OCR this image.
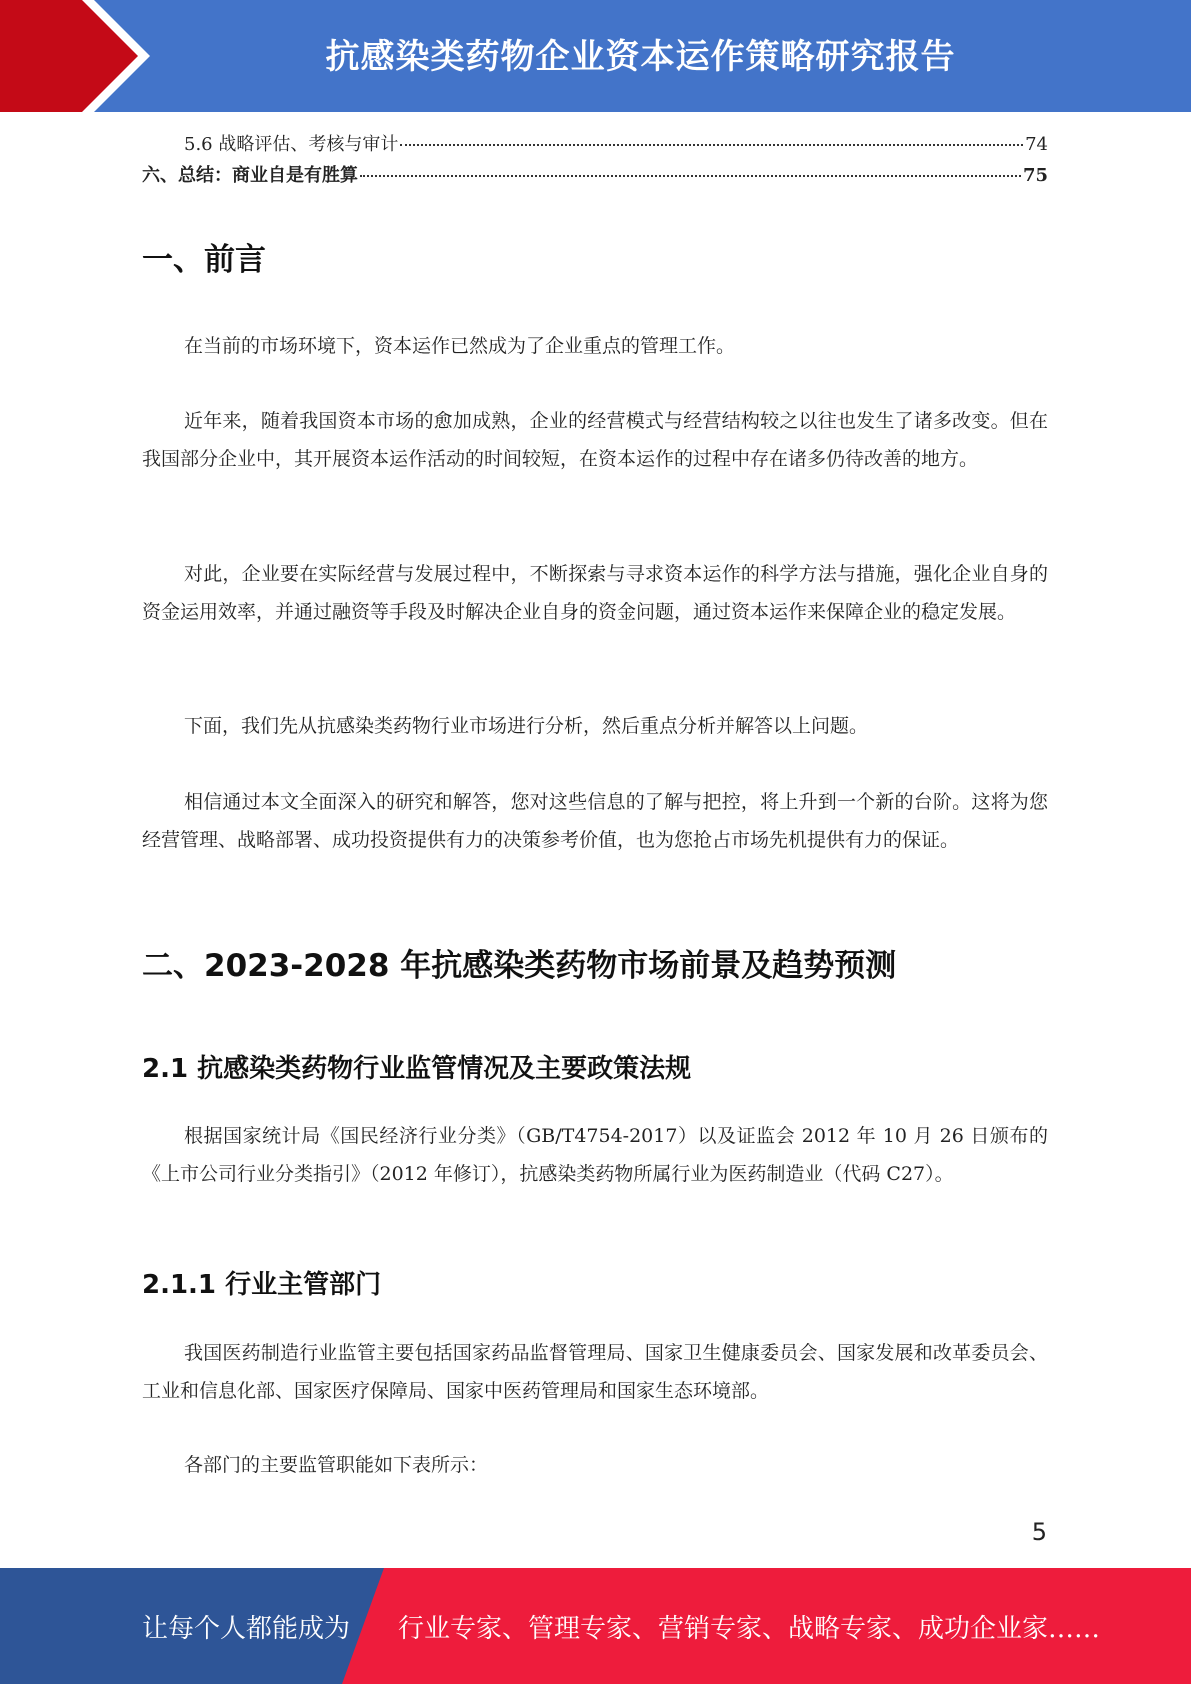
抗感染类药物企业资本运作策略研究报告
5.6 战略评估、考核与审计	74
六、总结：商业自是有胜算	75
一、前言

在当前的市场环境下，资本运作已然成为了企业重点的管理工作。

近年来，随着我国资本市场的愈加成熟，企业的经营模式与经营结构较之以往也发生了诸多改变。但在我国部分企业中，其开展资本运作活动的时间较短，在资本运作的过程中存在诸多仍待改善的地方。

对此，企业要在实际经营与发展过程中，不断探索与寻求资本运作的科学方法与措施，强化企业自身的资金运用效率，并通过融资等手段及时解决企业自身的资金问题，通过资本运作来保障企业的稳定发展。

下面，我们先从抗感染类药物行业市场进行分析，然后重点分析并解答以上问题。

相信通过本文全面深入的研究和解答，您对这些信息的了解与把控，将上升到一个新的台阶。这将为您经营管理、战略部署、成功投资提供有力的决策参考价值，也为您抢占市场先机提供有力的保证。

二、2023-2028 年抗感染类药物市场前景及趋势预测
2.1 抗感染类药物行业监管情况及主要政策法规

根据国家统计局《国民经济行业分类》（GB/T4754-2017）以及证监会 2012 年 10 月 26 日颁布的《上市公司行业分类指引》（2012 年修订），抗感染类药物所属行业为医药制造业（代码 C27）。

2.1.1 行业主管部门

我国医药制造行业监管主要包括国家药品监督管理局、国家卫生健康委员会、国家发展和改革委员会、工业和信息化部、国家医疗保障局、国家中医药管理局和国家生态环境部。

各部门的主要监管职能如下表所示：

5
让每个人都能成为 行业专家、管理专家、营销专家、战略专家、成功企业家……
